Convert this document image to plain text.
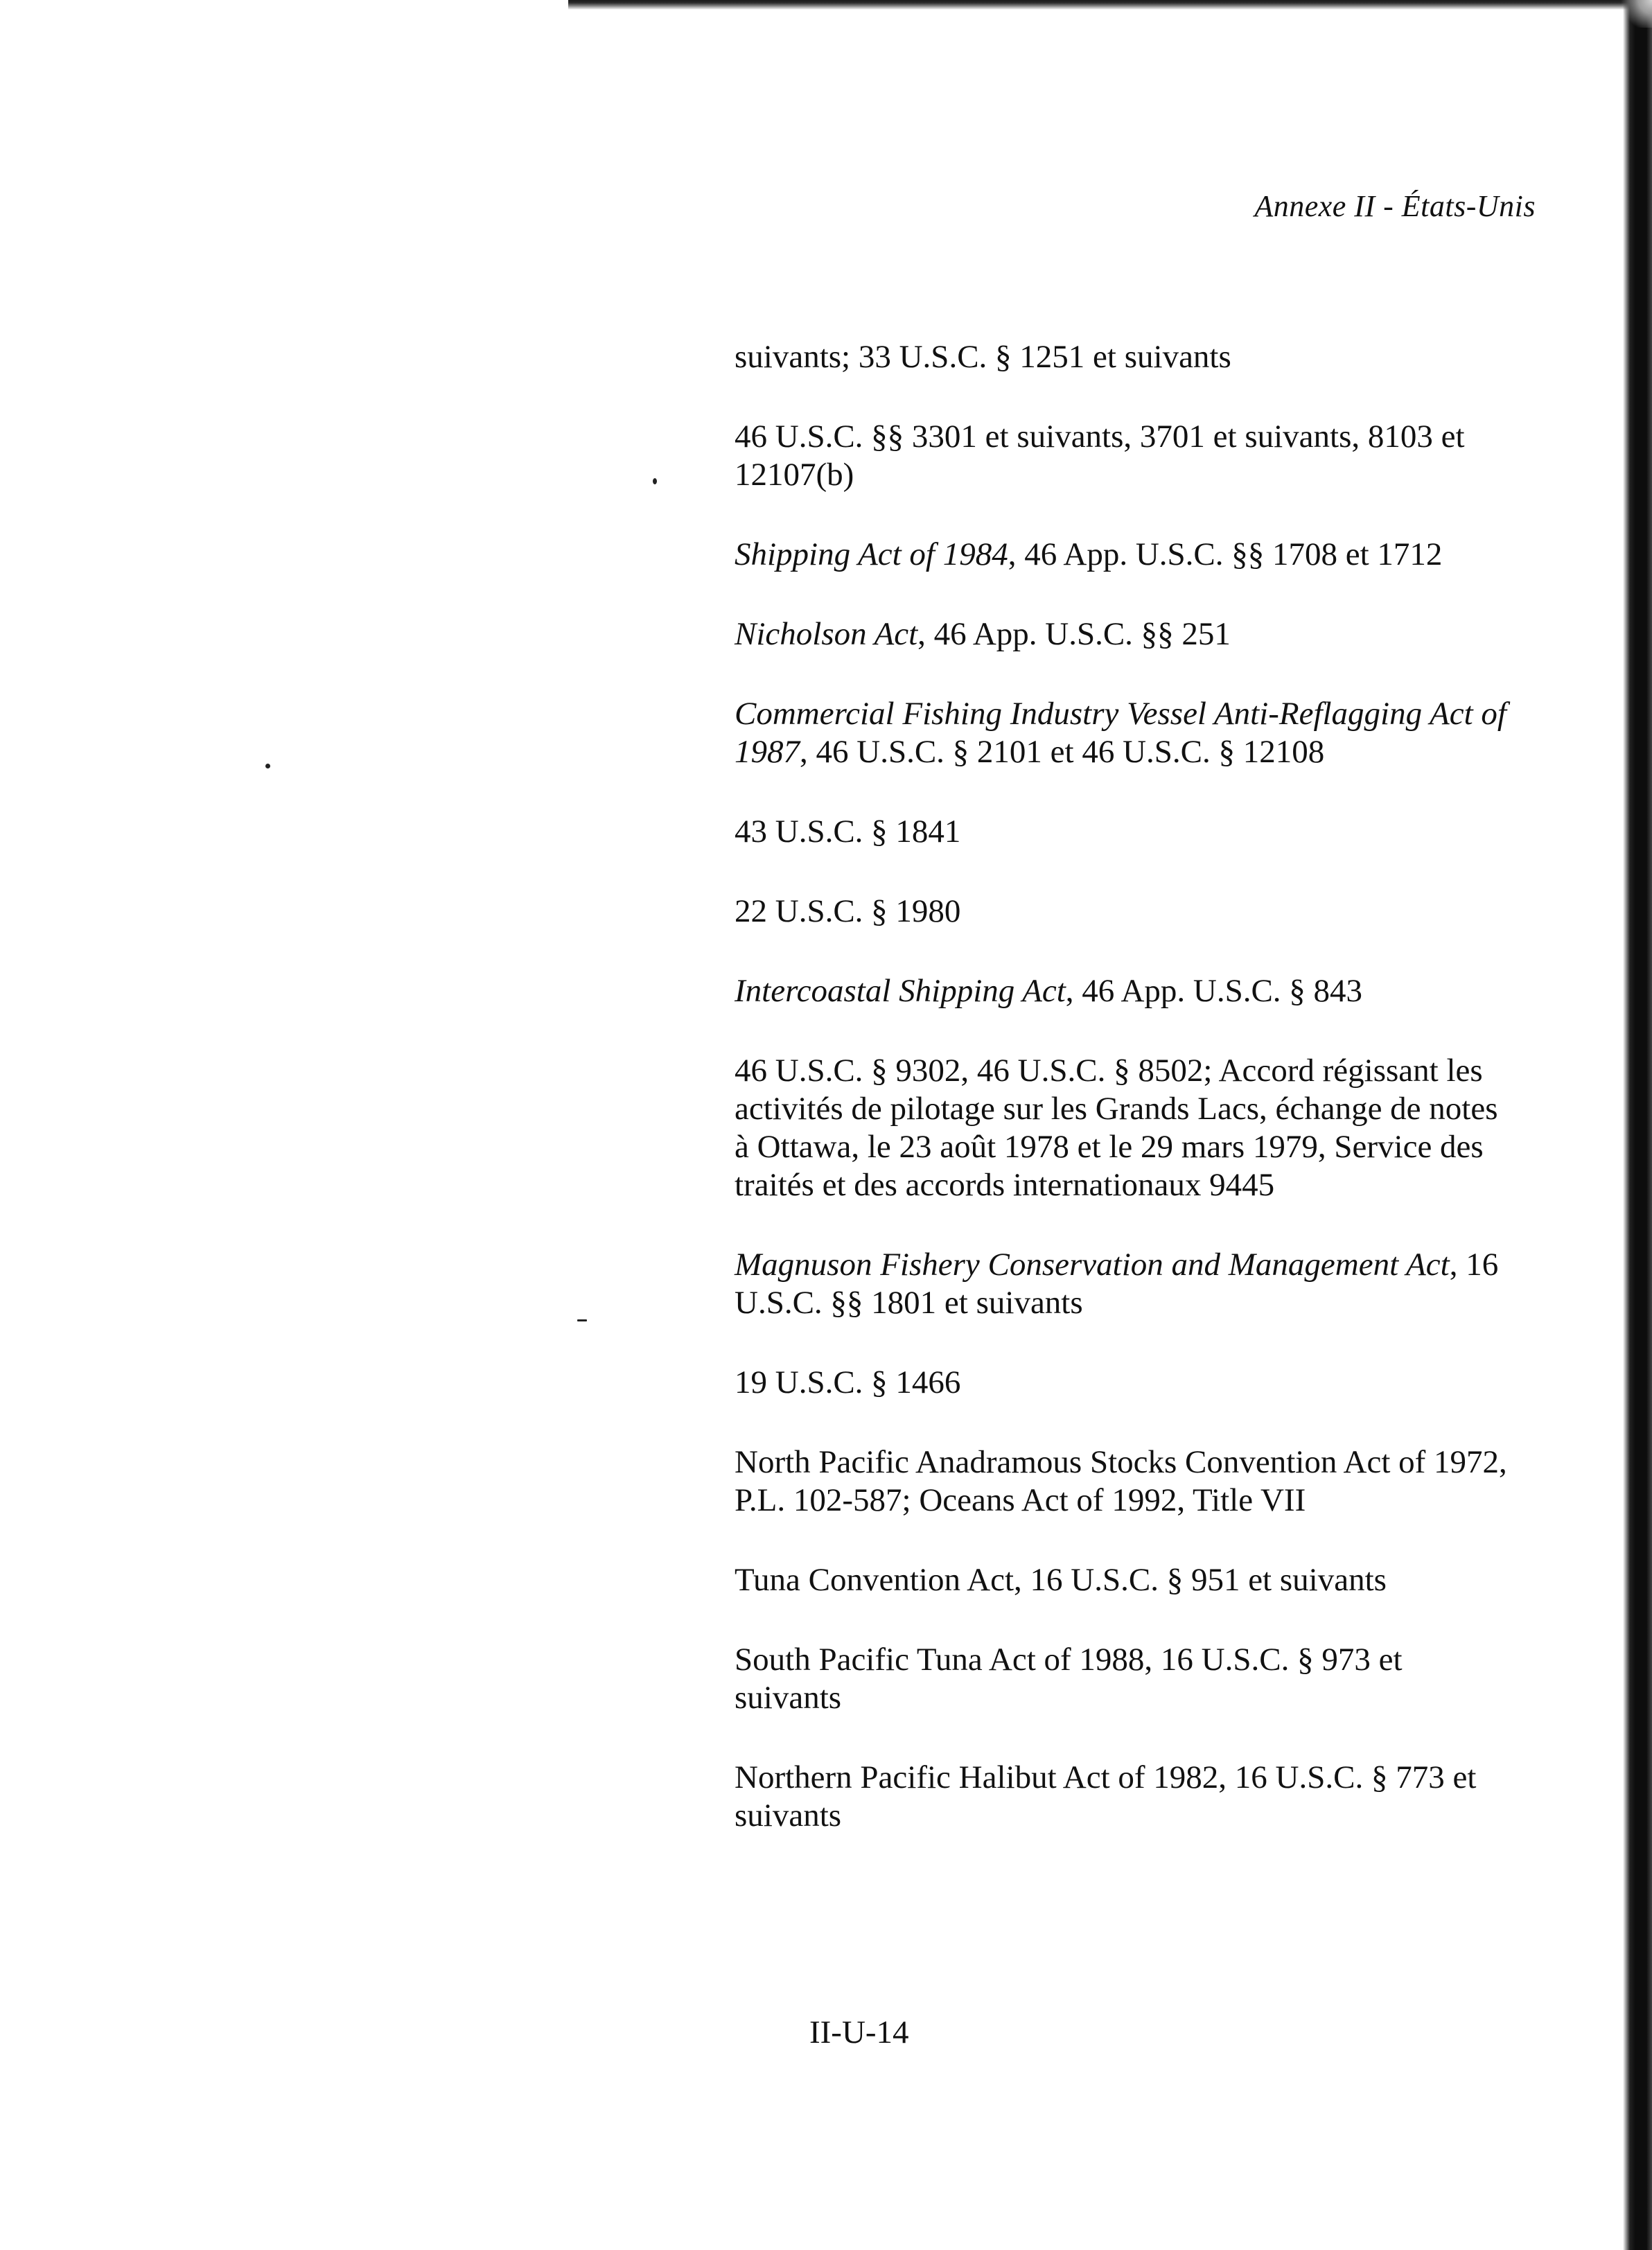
Annexe II - États-Unis

suivants; 33 U.S.C. § 1251 et suivants

46 U.S.C. §§ 3301 et suivants, 3701 et suivants, 8103 et 12107(b)

Shipping Act of 1984, 46 App. U.S.C. §§ 1708 et 1712

Nicholson Act, 46 App. U.S.C. §§ 251

Commercial Fishing Industry Vessel Anti-Reflagging Act of 1987, 46 U.S.C. § 2101 et 46 U.S.C. § 12108

43 U.S.C. § 1841

22 U.S.C. § 1980

Intercoastal Shipping Act, 46 App. U.S.C. § 843

46 U.S.C. § 9302, 46 U.S.C. § 8502; Accord régissant les activités de pilotage sur les Grands Lacs, échange de notes à Ottawa, le 23 août 1978 et le 29 mars 1979, Service des traités et des accords internationaux 9445

Magnuson Fishery Conservation and Management Act, 16 U.S.C. §§ 1801 et suivants

19 U.S.C. § 1466

North Pacific Anadramous Stocks Convention Act of 1972, P.L. 102-587; Oceans Act of 1992, Title VII

Tuna Convention Act, 16 U.S.C. § 951 et suivants

South Pacific Tuna Act of 1988, 16 U.S.C. § 973 et suivants

Northern Pacific Halibut Act of 1982, 16 U.S.C. § 773 et suivants

II-U-14
